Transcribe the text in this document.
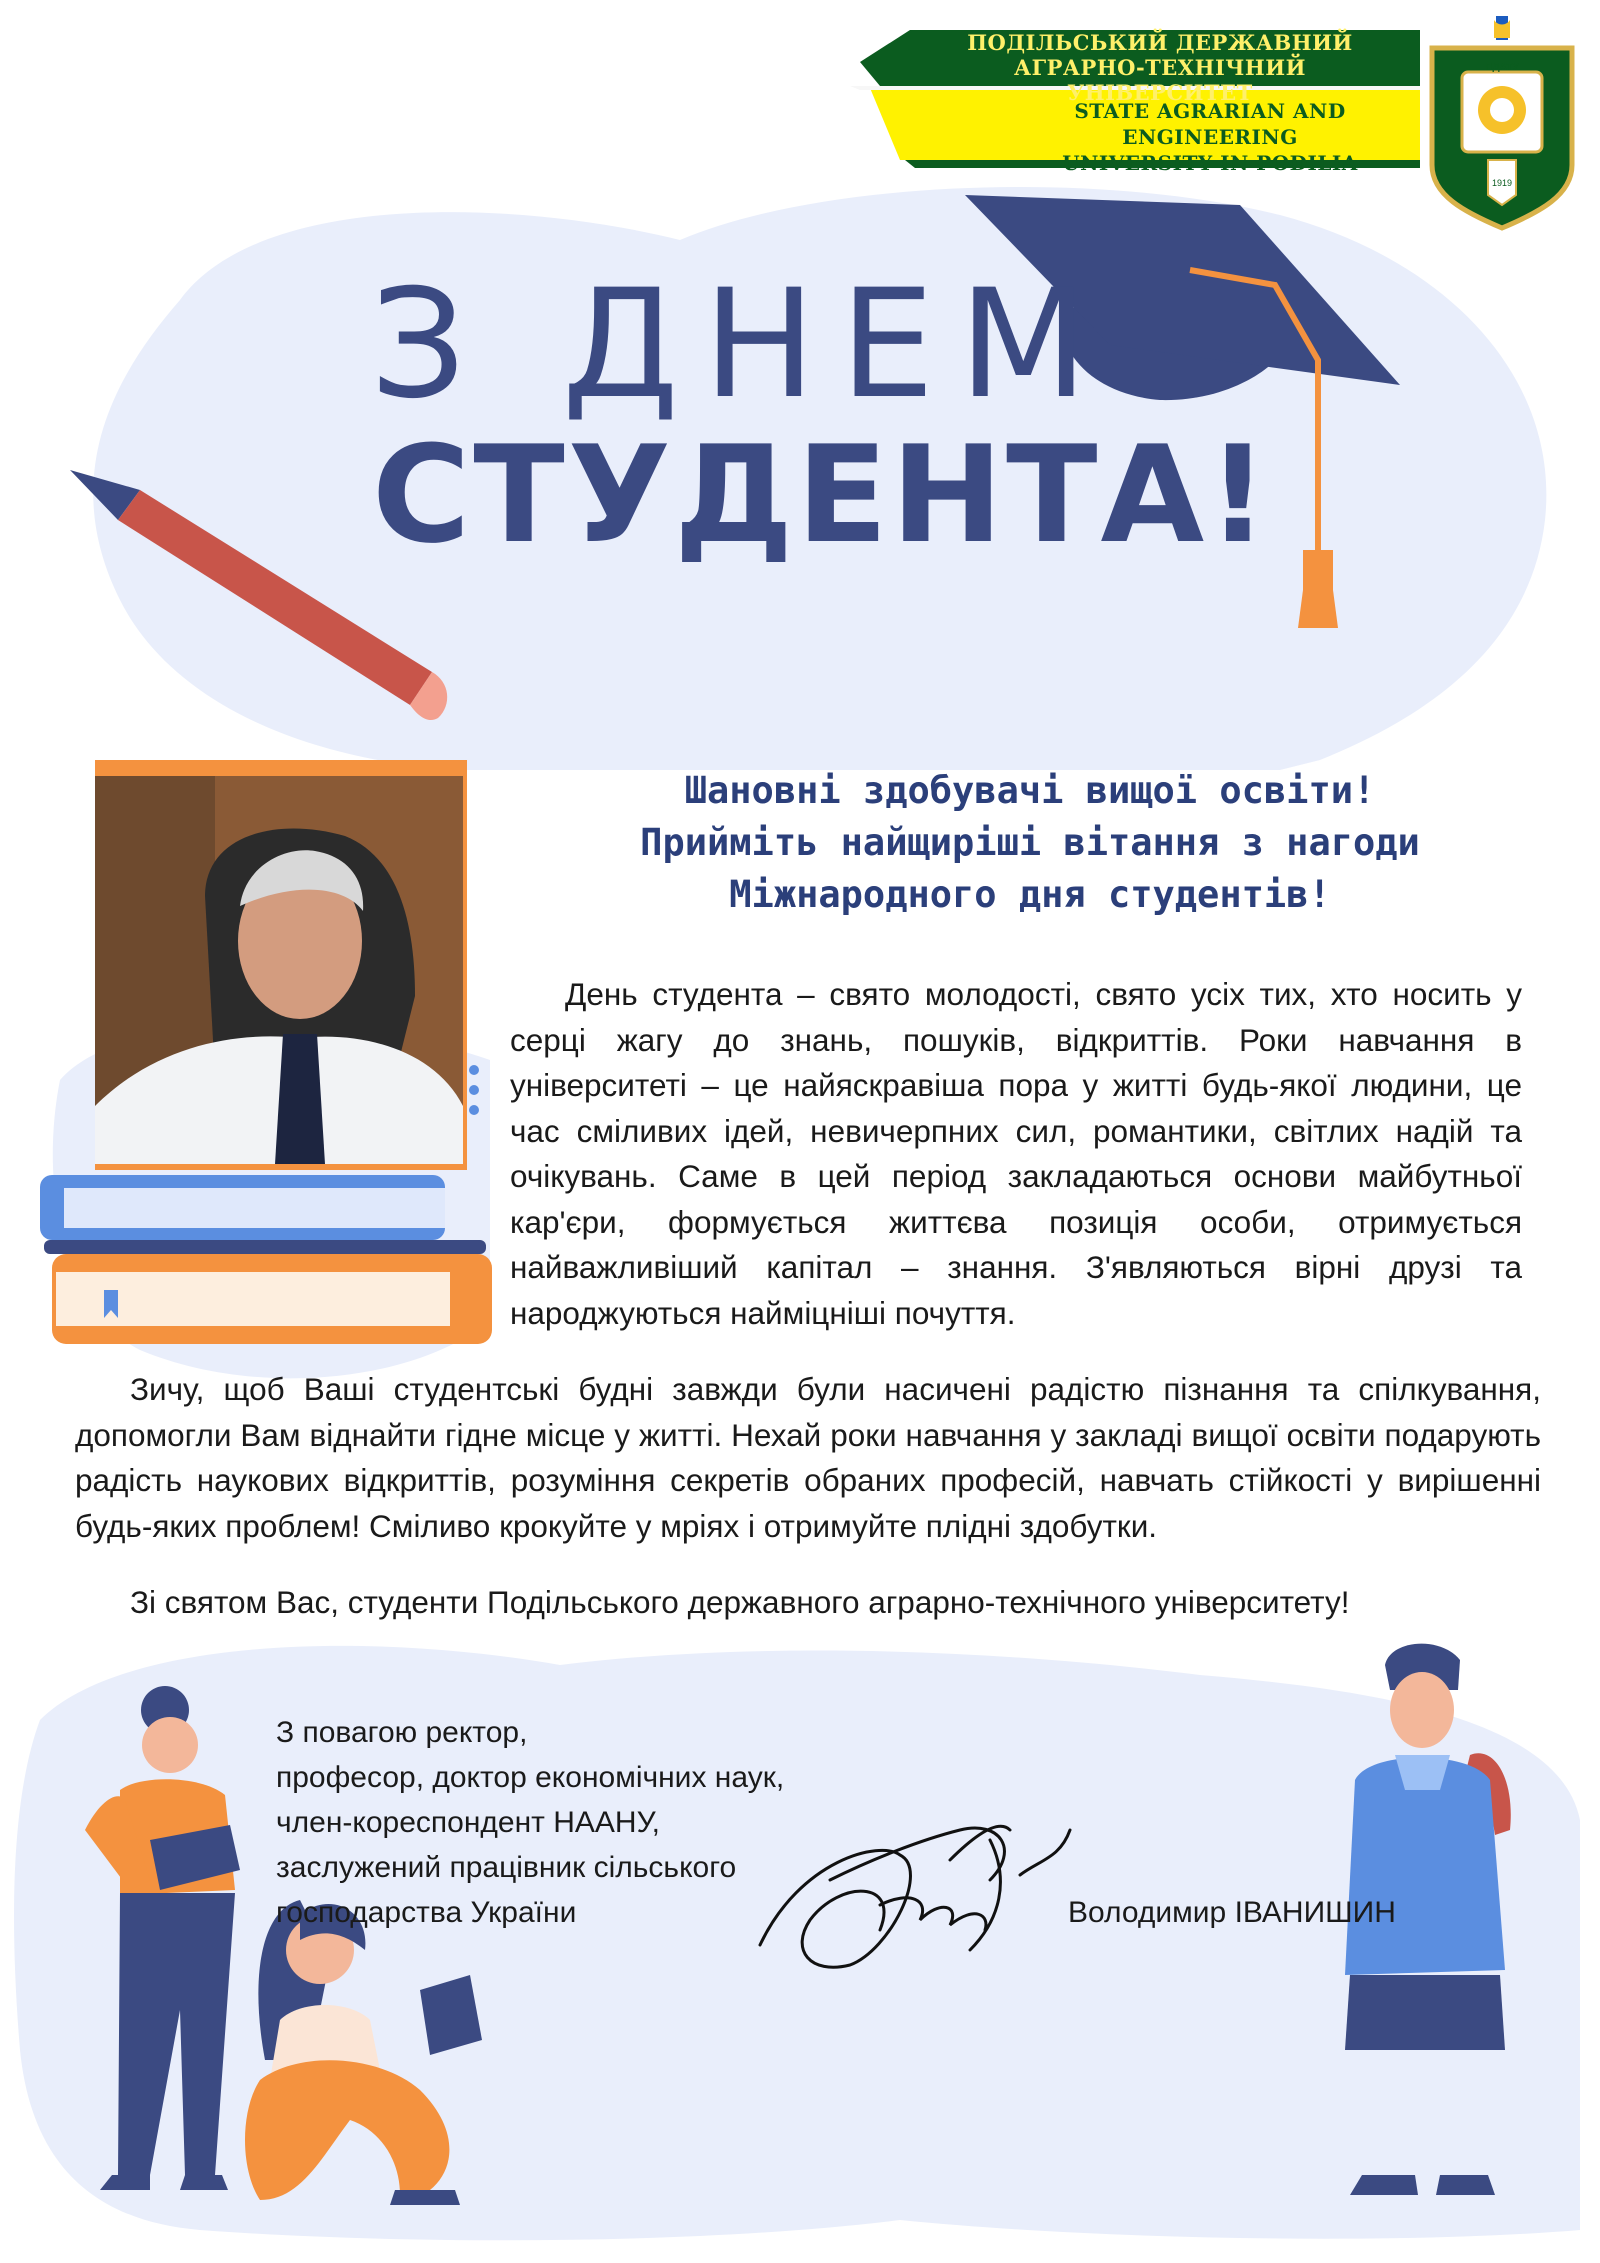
ПОДІЛЬСЬКИЙ ДЕРЖАВНИЙ
АГРАРНО-ТЕХНІЧНИЙ УНІВЕРСИТЕТ
STATE AGRARIAN AND ENGINEERING
UNIVERSITY IN PODILIA
ПДАТУ
1919
З ДНЕМ
СТУДЕНТА!
Шановні здобувачі вищої освіти!
Прийміть найщиріші вітання з нагоди
Міжнародного дня студентів!
День студента – свято молодості, свято усіх тих, хто носить у серці жагу до знань, пошуків, відкриттів. Роки навчання в університеті – це найяскравіша пора у житті будь-якої людини, це час сміливих ідей, невичерпних сил, романтики, світлих надій та очікувань. Саме в цей період закладаються основи майбутньої кар'єри, формується життєва позиція особи, отримується найважливіший капітал – знання. З'являються вірні друзі та народжуються найміцніші почуття.
Зичу, щоб Ваші студентські будні завжди були насичені радістю пізнання та спілкування, допомогли Вам віднайти гідне місце у житті. Нехай роки навчання у закладі вищої освіти подарують радість наукових відкриттів, розуміння секретів обраних професій, навчать стійкості у вирішенні будь-яких проблем! Сміливо крокуйте у мріях і отримуйте плідні здобутки.
Зі святом Вас, студенти Подільського державного аграрно-технічного університету!
З повагою ректор,
професор, доктор економічних наук,
член-кореспондент НААНУ,
заслужений працівник сільського
господарства України	Володимир ІВАНИШИН
